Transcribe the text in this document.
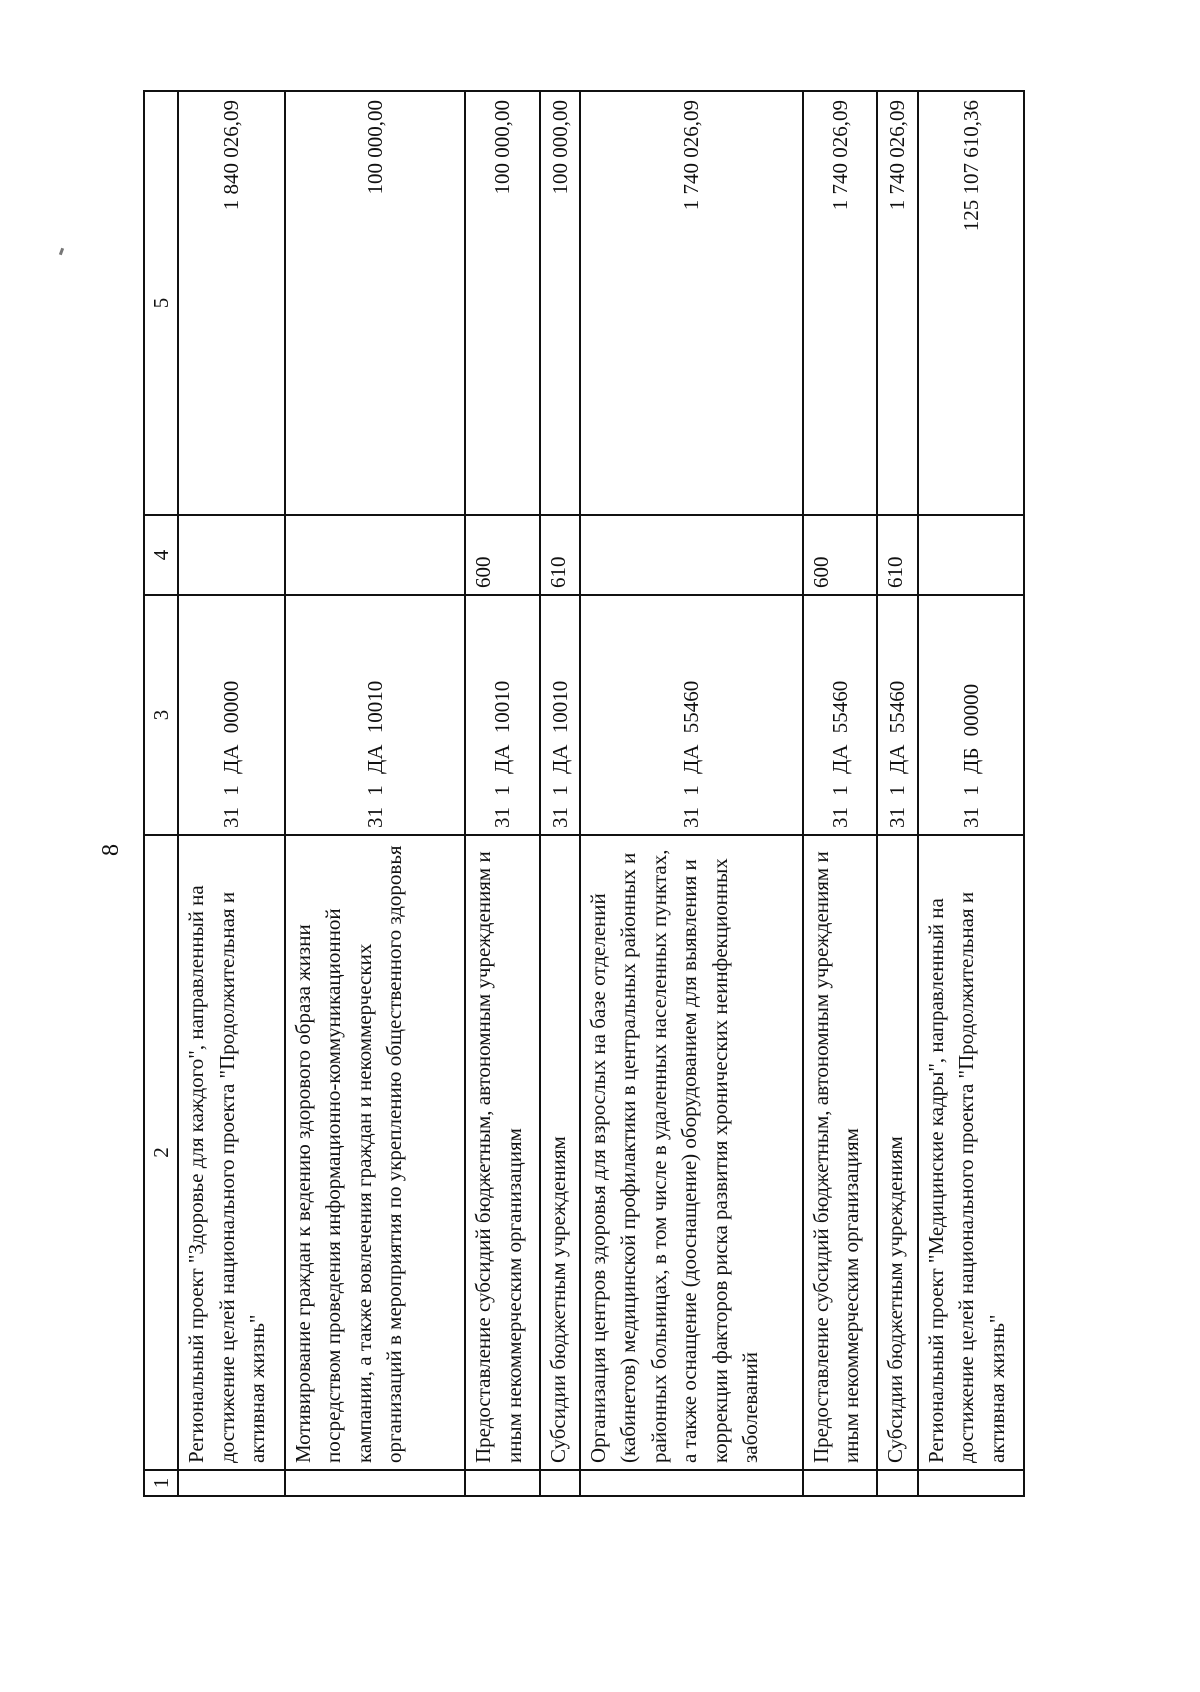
8
1	2	3	4	5
	Региональный проект "Здоровье для каждого", направленный на достижение целей национального проекта "Продолжительная и активная жизнь"	31 1 ДА 00000		1 840 026,09
	Мотивирование граждан к ведению здорового образа жизни посредством проведения информационно-коммуникационной кампании, а также вовлечения граждан и некоммерческих организаций в мероприятия по укреплению общественного здоровья	31 1 ДА 10010		100 000,00
	Предоставление субсидий бюджетным, автономным учреждениям и иным некоммерческим организациям	31 1 ДА 10010	600	100 000,00
	Субсидии бюджетным учреждениям	31 1 ДА 10010	610	100 000,00
	Организация центров здоровья для взрослых на базе отделений (кабинетов) медицинской профилактики в центральных районных и районных больницах, в том числе в удаленных населенных пунктах, а также оснащение (дооснащение) оборудованием для выявления и коррекции факторов риска развития хронических неинфекционных заболеваний	31 1 ДА 55460		1 740 026,09
	Предоставление субсидий бюджетным, автономным учреждениям и иным некоммерческим организациям	31 1 ДА 55460	600	1 740 026,09
	Субсидии бюджетным учреждениям	31 1 ДА 55460	610	1 740 026,09
	Региональный проект "Медицинские кадры", направленный на достижение целей национального проекта "Продолжительная и активная жизнь"	31 1 ДБ 00000		125 107 610,36
